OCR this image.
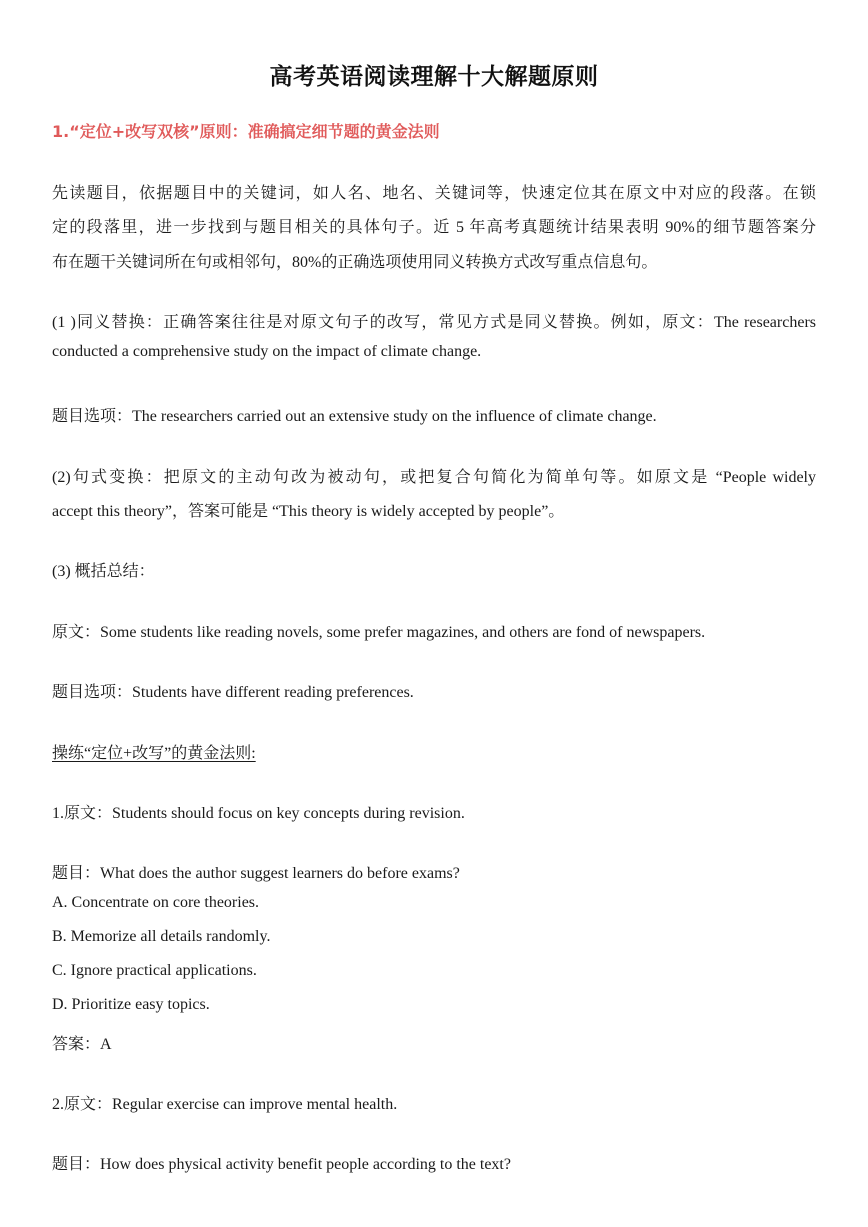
高考英语阅读理解十大解题原则
1.“定位+改写双核”原则：准确搞定细节题的黄金法则
先读题目，依据题目中的关键词，如人名、地名、关键词等，快速定位其在原文中对应的段落。在锁
定的段落里，进一步找到与题目相关的具体句子。近 5 年高考真题统计结果表明 90%的细节题答案分
布在题干关键词所在句或相邻句，80%的正确选项使用同义转换方式改写重点信息句。
(1 )同义替换：正确答案往往是对原文句子的改写，常见方式是同义替换。例如，原文：The researchers
conducted a comprehensive study on the impact of climate change.
题目选项：The researchers carried out an extensive study on the influence of climate change.
(2)句式变换：把原文的主动句改为被动句，或把复合句简化为简单句等。如原文是 “People widely
accept this theory”，答案可能是 “This theory is widely accepted by people”。
(3) 概括总结：
原文：Some students like reading novels, some prefer magazines, and others are fond of newspapers.
题目选项：Students have different reading preferences.
操练“定位+改写”的黄金法则:
1.原文：Students should focus on key concepts during revision.
题目：What does the author suggest learners do before exams?
A. Concentrate on core theories.
B. Memorize all details randomly.
C. Ignore practical applications.
D. Prioritize easy topics.
答案：A
2.原文：Regular exercise can improve mental health.
题目：How does physical activity benefit people according to the text?
